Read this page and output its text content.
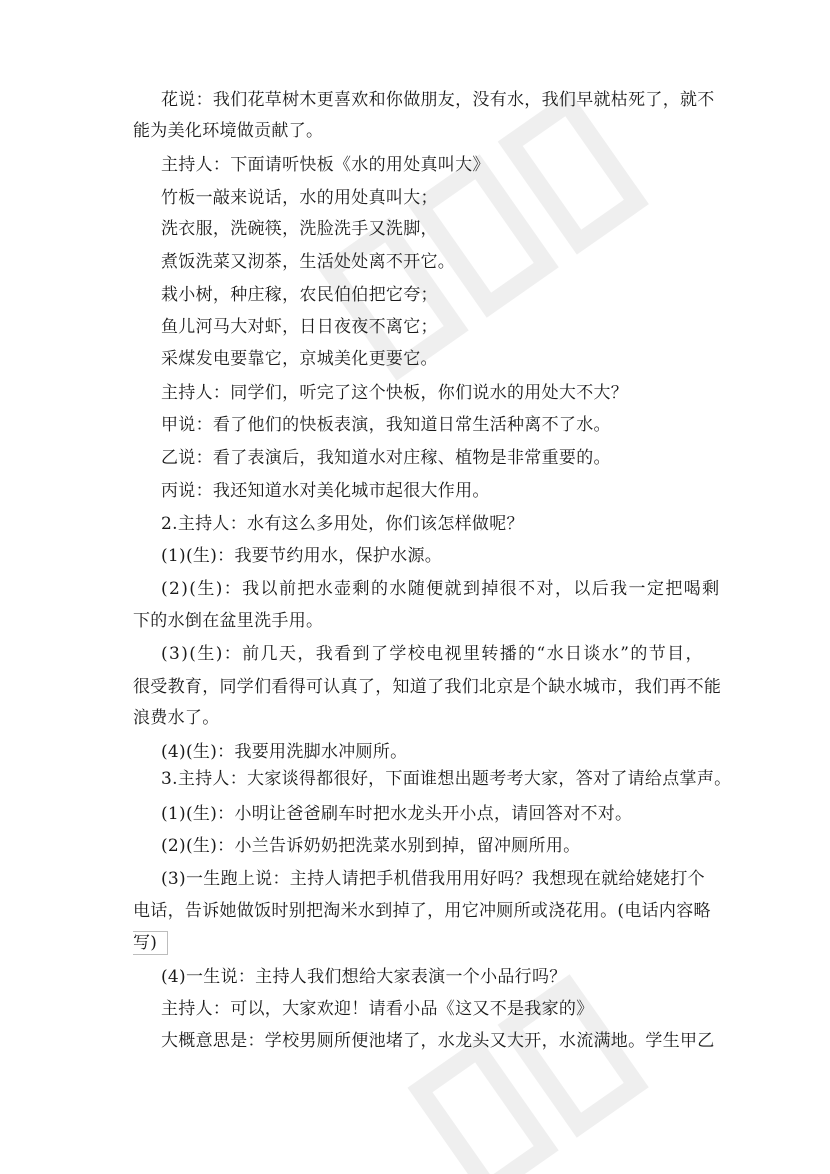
花说：我们花草树木更喜欢和你做朋友，没有水，我们早就枯死了，就不
能为美化环境做贡献了。
主持人：下面请听快板《水的用处真叫大》
竹板一敲来说话，水的用处真叫大；
洗衣服，洗碗筷，洗脸洗手又洗脚，
煮饭洗菜又沏茶，生活处处离不开它。
栽小树，种庄稼，农民伯伯把它夸；
鱼儿河马大对虾，日日夜夜不离它；
采煤发电要靠它，京城美化更要它。
主持人：同学们，听完了这个快板，你们说水的用处大不大？
甲说：看了他们的快板表演，我知道日常生活种离不了水。
乙说：看了表演后，我知道水对庄稼、植物是非常重要的。
丙说：我还知道水对美化城市起很大作用。
2.主持人：水有这么多用处，你们该怎样做呢？
(1)(生)：我要节约用水，保护水源。
(2)(生)：我以前把水壶剩的水随便就到掉很不对，以后我一定把喝剩
下的水倒在盆里洗手用。
(3)(生)：前几天，我看到了学校电视里转播的“水日谈水”的节目，
很受教育，同学们看得可认真了，知道了我们北京是个缺水城市，我们再不能
浪费水了。
(4)(生)：我要用洗脚水冲厕所。
3.主持人：大家谈得都很好，下面谁想出题考考大家，答对了请给点掌声。
(1)(生)：小明让爸爸刷车时把水龙头开小点，请回答对不对。
(2)(生)：小兰告诉奶奶把洗菜水别到掉，留冲厕所用。
(3)一生跑上说：主持人请把手机借我用用好吗？我想现在就给姥姥打个
电话，告诉她做饭时别把淘米水到掉了，用它冲厕所或浇花用。(电话内容略
写)
(4)一生说：主持人我们想给大家表演一个小品行吗？
主持人：可以，大家欢迎！请看小品《这又不是我家的》
大概意思是：学校男厕所便池堵了，水龙头又大开，水流满地。学生甲乙
